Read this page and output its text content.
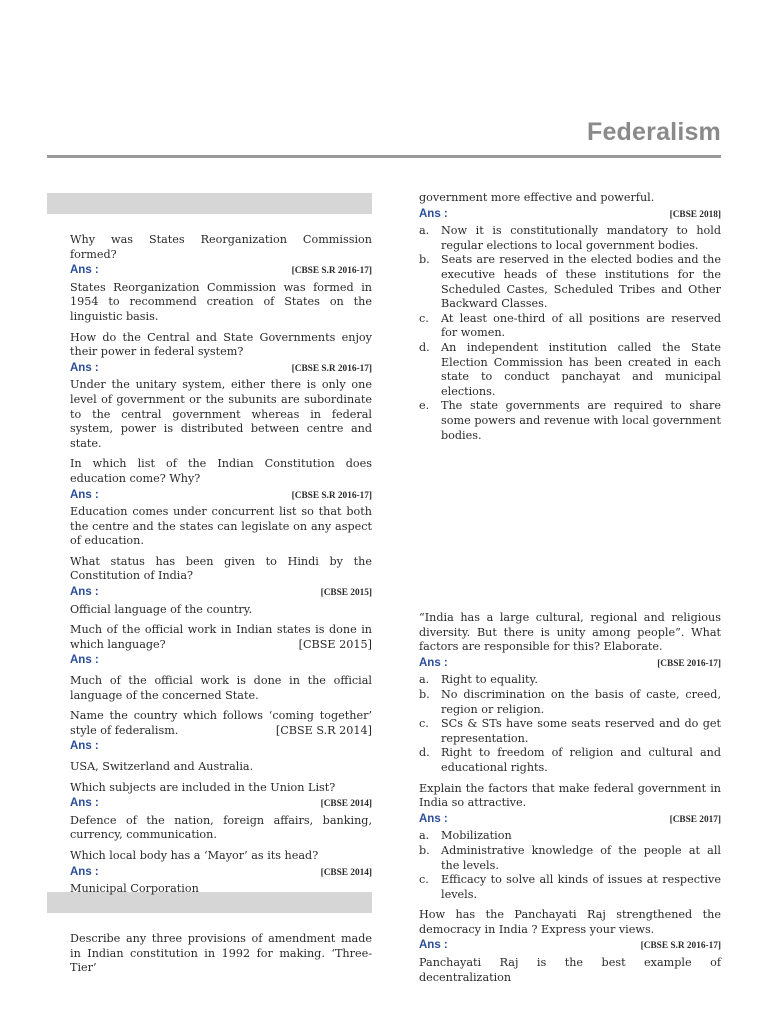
Federalism

Why was States Reorganization Commission formed?

Ans :	[CBSE S.R 2016-17]

States Reorganization Commission was formed in 1954 to recommend creation of States on the linguistic basis.

How do the Central and State Governments enjoy their power in federal system?

Ans :	[CBSE S.R 2016-17]

Under the unitary system, either there is only one level of government or the subunits are subordinate to the central government whereas in federal system, power is distributed between centre and state.

In which list of the Indian Constitution does education come? Why?

Ans :	[CBSE S.R 2016-17]

Education comes under concurrent list so that both the centre and the states can legislate on any aspect of education.

What status has been given to Hindi by the Constitution of India?

Ans :	[CBSE 2015]

Official language of the country.

Much of the official work in Indian states is done in which language?	[CBSE 2015]

Ans :

Much of the official work is done in the official language of the concerned State.

Name the country which follows ‘coming together’ style of federalism.	[CBSE S.R 2014]

Ans :

USA, Switzerland and Australia.

Which subjects are included in the Union List?

Ans :	[CBSE 2014]

Defence of the nation, foreign affairs, banking, currency, communication.

Which local body has a ‘Mayor’ as its head?

Ans :	[CBSE 2014]

Municipal Corporation

Describe any three provisions of amendment made in Indian constitution in 1992 for making. ‘Three-Tier’

government more effective and powerful.

Ans :	[CBSE 2018]
a.	Now it is constitutionally mandatory to hold regular elections to local government bodies.
b.	Seats are reserved in the elected bodies and the executive heads of these institutions for the Scheduled Castes, Scheduled Tribes and Other Backward Classes.
c.	At least one-third of all positions are reserved for women.
d.	An independent institution called the State Election Commission has been created in each state to conduct panchayat and municipal elections.
e.	The state governments are required to share some powers and revenue with local government bodies.

“India has a large cultural, regional and religious diversity. But there is unity among people”. What factors are responsible for this? Elaborate.

Ans :	[CBSE 2016-17]
a.	Right to equality.
b.	No discrimination on the basis of caste, creed, region or religion.
c.	SCs & STs have some seats reserved and do get representation.
d.	Right to freedom of religion and cultural and educational rights.

Explain the factors that make federal government in India so attractive.

Ans :	[CBSE 2017]
a.	Mobilization
b.	Administrative knowledge of the people at all the levels.
c.	Efficacy to solve all kinds of issues at respective levels.

How has the Panchayati Raj strengthened the democracy in India ? Express your views.

Ans :	[CBSE S.R 2016-17]

Panchayati Raj is the best example of decentralization
